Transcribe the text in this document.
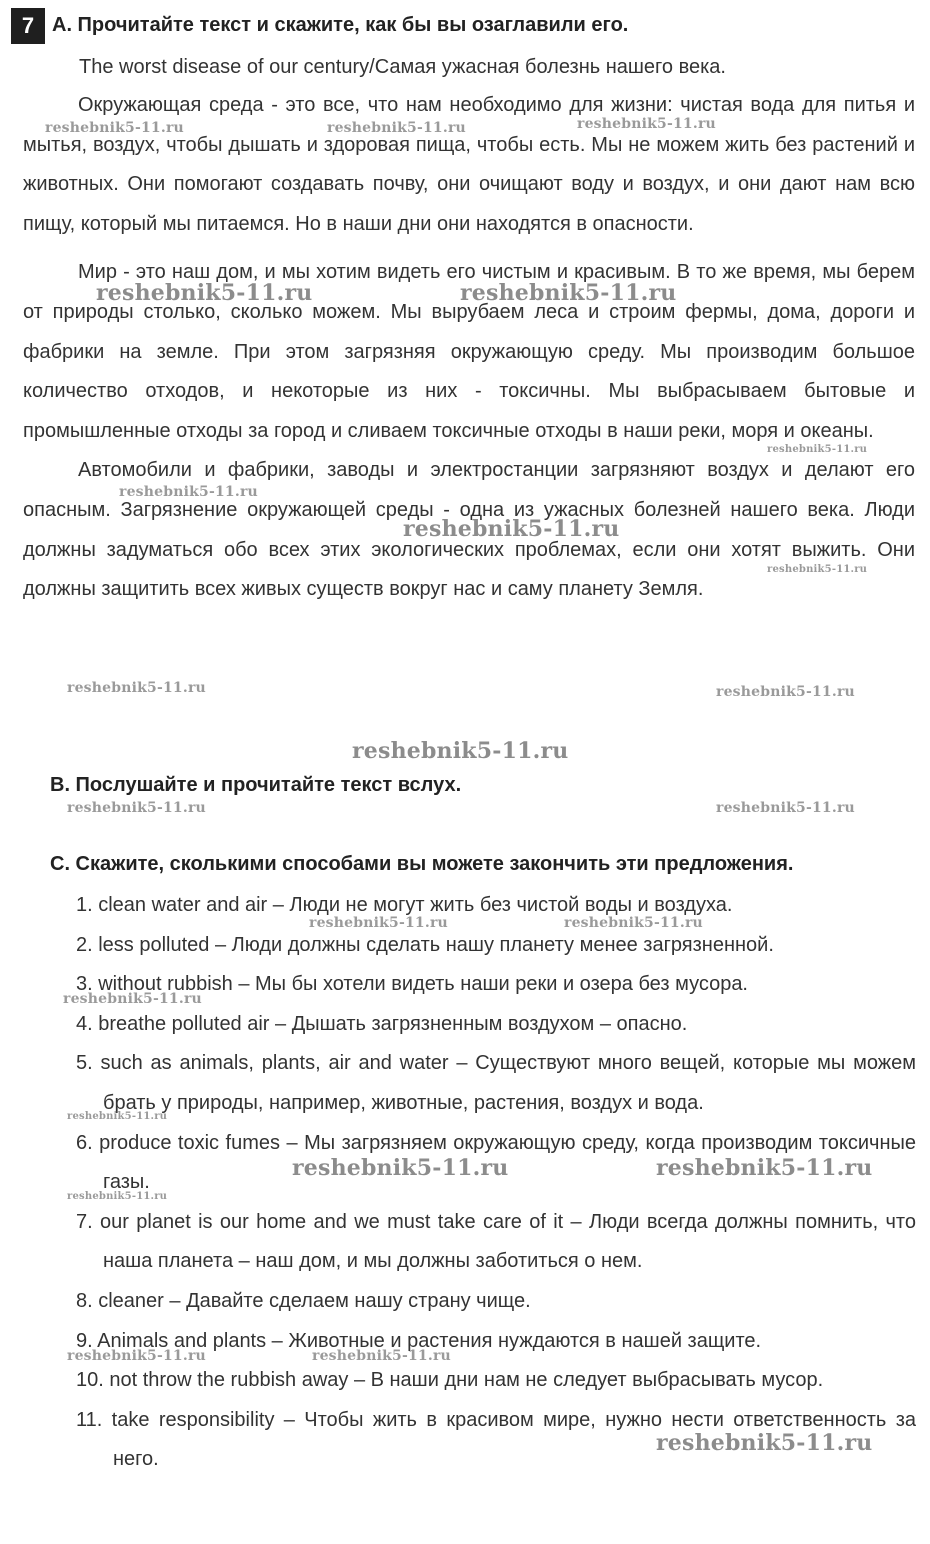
7 A. Прочитайте текст и скажите, как бы вы озаглавили его.
The worst disease of our century/Самая ужасная болезнь нашего века.

Окружающая среда - это все, что нам необходимо для жизни: чистая вода для питья и мытья, воздух, чтобы дышать и здоровая пища, чтобы есть. Мы не можем жить без растений и животных. Они помогают создавать почву, они очищают воду и воздух, и они дают нам всю пищу, который мы питаемся. Но в наши дни они находятся в опасности.

Мир - это наш дом, и мы хотим видеть его чистым и красивым. В то же время, мы берем от природы столько, сколько можем. Мы вырубаем леса и строим фермы, дома, дороги и фабрики на земле. При этом загрязняя окружающую среду. Мы производим большое количество отходов, и некоторые из них - токсичны. Мы выбрасываем бытовые и промышленные отходы за город и сливаем токсичные отходы в наши реки, моря и океаны.

Автомобили и фабрики, заводы и электростанции загрязняют воздух и делают его опасным. Загрязнение окружающей среды - одна из ужасных болезней нашего века. Люди должны задуматься обо всех этих экологических проблемах, если они хотят выжить. Они должны защитить всех живых существ вокруг нас и саму планету Земля.

B. Послушайте и прочитайте текст вслух.
C. Скажите, сколькими способами вы можете закончить эти предложения.
1. clean water and air – Люди не могут жить без чистой воды и воздуха.
2. less polluted – Люди должны сделать нашу планету менее загрязненной.
3. without rubbish – Мы бы хотели видеть наши реки и озера без мусора.
4. breathe polluted air – Дышать загрязненным воздухом – опасно.
5. such as animals, plants, air and water – Существуют много вещей, которые мы можем брать у природы, например, животные, растения, воздух и вода.
6. produce toxic fumes – Мы загрязняем окружающую среду, когда производим токсичные газы.
7. our planet is our home and we must take care of it – Люди всегда должны помнить, что наша планета – наш дом, и мы должны заботиться о нем.
8. cleaner – Давайте сделаем нашу страну чище.
9. Animals and plants – Животные и растения нуждаются в нашей защите.
10. not throw the rubbish away – В наши дни нам не следует выбрасывать мусор.
11. take responsibility – Чтобы жить в красивом мире, нужно нести ответственность за него.
reshebnik5-11.ru	reshebnik5-11.ru	reshebnik5-11.ru
reshebnik5-11.ru	reshebnik5-11.ru
reshebnik5-11.ru
reshebnik5-11.ru
reshebnik5-11.ru
reshebnik5-11.ru
reshebnik5-11.ru	reshebnik5-11.ru
reshebnik5-11.ru
reshebnik5-11.ru	reshebnik5-11.ru
reshebnik5-11.ru	reshebnik5-11.ru
reshebnik5-11.ru
reshebnik5-11.ru
reshebnik5-11.ru	reshebnik5-11.ru
reshebnik5-11.ru
reshebnik5-11.ru	reshebnik5-11.ru
reshebnik5-11.ru
